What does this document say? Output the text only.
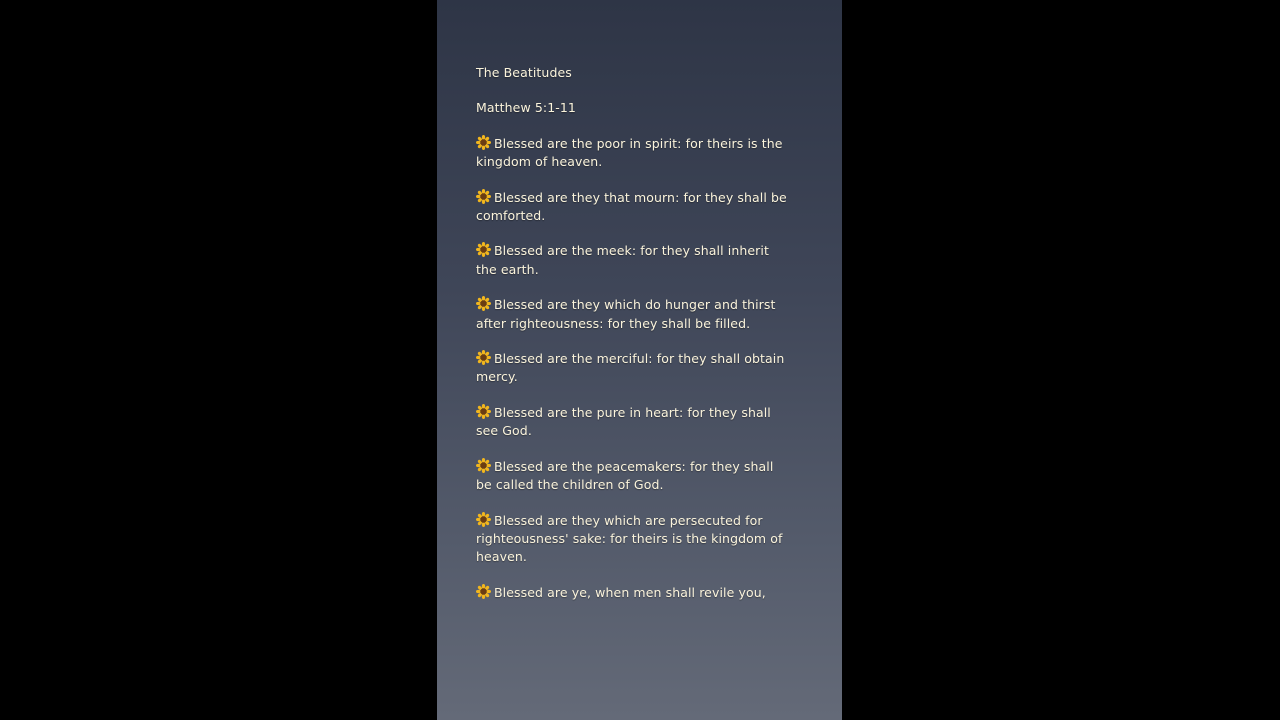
The Beatitudes
Matthew 5:1-11
Blessed are the poor in spirit: for theirs is the kingdom of heaven.
Blessed are they that mourn: for they shall be comforted.
Blessed are the meek: for they shall inherit the earth.
Blessed are they which do hunger and thirst after righteousness: for they shall be filled.
Blessed are the merciful: for they shall obtain mercy.
Blessed are the pure in heart: for they shall see God.
Blessed are the peacemakers: for they shall be called the children of God.
Blessed are they which are persecuted for righteousness' sake: for theirs is the kingdom of heaven.
Blessed are ye, when men shall revile you,
